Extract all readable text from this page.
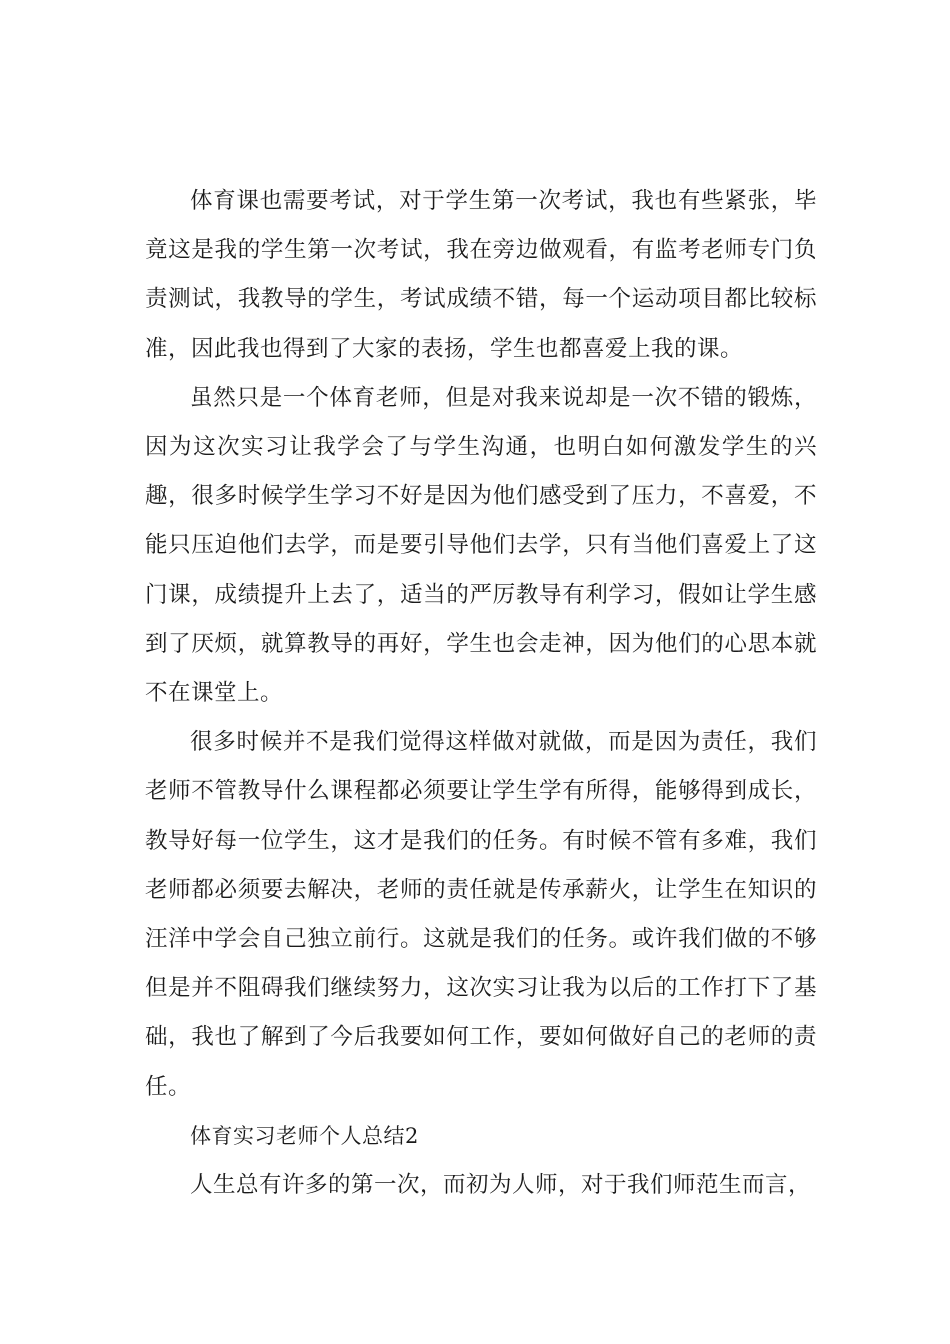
体育课也需要考试，对于学生第一次考试，我也有些紧张，毕竟这是我的学生第一次考试，我在旁边做观看，有监考老师专门负责测试，我教导的学生，考试成绩不错，每一个运动项目都比较标准，因此我也得到了大家的表扬，学生也都喜爱上我的课。

虽然只是一个体育老师，但是对我来说却是一次不错的锻炼，因为这次实习让我学会了与学生沟通，也明白如何激发学生的兴趣，很多时候学生学习不好是因为他们感受到了压力，不喜爱，不能只压迫他们去学，而是要引导他们去学，只有当他们喜爱上了这门课，成绩提升上去了，适当的严厉教导有利学习，假如让学生感到了厌烦，就算教导的再好，学生也会走神，因为他们的心思本就不在课堂上。

很多时候并不是我们觉得这样做对就做，而是因为责任，我们老师不管教导什么课程都必须要让学生学有所得，能够得到成长，教导好每一位学生，这才是我们的任务。有时候不管有多难，我们老师都必须要去解决，老师的责任就是传承薪火，让学生在知识的汪洋中学会自己独立前行。这就是我们的任务。或许我们做的不够但是并不阻碍我们继续努力，这次实习让我为以后的工作打下了基础，我也了解到了今后我要如何工作，要如何做好自己的老师的责任。

体育实习老师个人总结2

人生总有许多的第一次，而初为人师，对于我们师范生而言，
